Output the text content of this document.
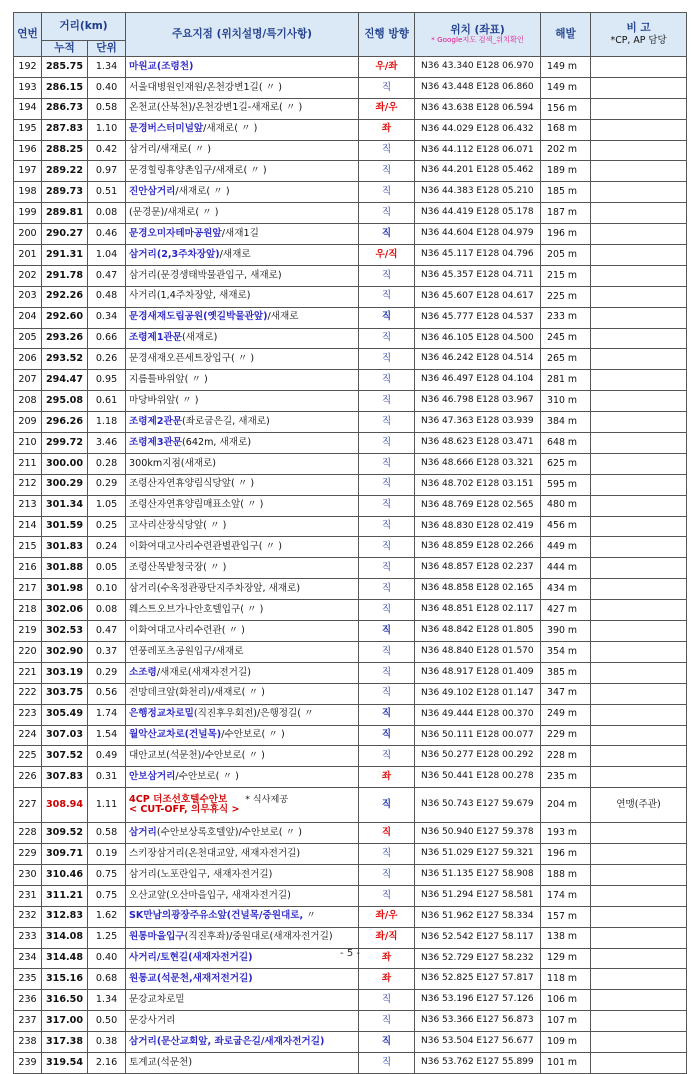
연번	거리(km)		주요지점 (위치설명/특기사항)	진행 방향	위치 (좌표)
* Google지도 검색_위치확인	해발	비 고
*CP, AP 담당
	누적	단위					
192	285.75	1.34	마원교(조령천)	우/좌	N36 43.340 E128 06.970	149 m	
193	286.15	0.40	서울대병원인재원/온천강변1길( 〃 )	직	N36 43.448 E128 06.860	149 m	
194	286.73	0.58	온천교(산북천)/온천강변1길-새재로( 〃 )	좌/우	N36 43.638 E128 06.594	156 m	
195	287.83	1.10	문경버스터미널앞/새재로( 〃 )	좌	N36 44.029 E128 06.432	168 m	
196	288.25	0.42	삼거리/새재로( 〃 )	직	N36 44.112 E128 06.071	202 m	
197	289.22	0.97	문경힐링휴양촌입구/새재로( 〃 )	직	N36 44.201 E128 05.462	189 m	
198	289.73	0.51	진안삼거리/새재로( 〃 )	직	N36 44.383 E128 05.210	185 m	
199	289.81	0.08	(문경문)/새재로( 〃 )	직	N36 44.419 E128 05.178	187 m	
200	290.27	0.46	문경오미자테마공원앞/새재1길	직	N36 44.604 E128 04.979	196 m	
201	291.31	1.04	삼거리(2,3주차장앞)/새재로	우/직	N36 45.117 E128 04.796	205 m	
202	291.78	0.47	삼거리(문경생태박물관입구, 새재로)	직	N36 45.357 E128 04.711	215 m	
203	292.26	0.48	사거리(1,4주차장앞, 새재로)	직	N36 45.607 E128 04.617	225 m	
204	292.60	0.34	문경새재도립공원(옛길박물관앞)/새재로	직	N36 45.777 E128 04.537	233 m	
205	293.26	0.66	조령제1관문(새재로)	직	N36 46.105 E128 04.500	245 m	
206	293.52	0.26	문경새재오픈세트장입구( 〃 )	직	N36 46.242 E128 04.514	265 m	
207	294.47	0.95	지름틀바위앞( 〃 )	직	N36 46.497 E128 04.104	281 m	
208	295.08	0.61	마당바위앞( 〃 )	직	N36 46.798 E128 03.967	310 m	
209	296.26	1.18	조령제2관문(좌로굽은길, 새재로)	직	N36 47.363 E128 03.939	384 m	
210	299.72	3.46	조령제3관문(642m, 새재로)	직	N36 48.623 E128 03.471	648 m	
211	300.00	0.28	300km지점(새재로)	직	N36 48.666 E128 03.321	625 m	
212	300.29	0.29	조령산자연휴양림식당앞( 〃 )	직	N36 48.702 E128 03.151	595 m	
213	301.34	1.05	조령산자연휴양림매표소앞( 〃 )	직	N36 48.769 E128 02.565	480 m	
214	301.59	0.25	고사리산장식당앞( 〃 )	직	N36 48.830 E128 02.419	456 m	
215	301.83	0.24	이화여대고사리수련관별관입구( 〃 )	직	N36 48.859 E128 02.266	449 m	
216	301.88	0.05	조령산목밭청국장( 〃 )	직	N36 48.857 E128 02.237	444 m	
217	301.98	0.10	삼거리(수옥정관광단지주차장앞, 새재로)	직	N36 48.858 E128 02.165	434 m	
218	302.06	0.08	웨스트오브가나안호텔입구( 〃 )	직	N36 48.851 E128 02.117	427 m	
219	302.53	0.47	이화여대고사리수련관( 〃 )	직	N36 48.842 E128 01.805	390 m	
220	302.90	0.37	연풍레포츠공원입구/새재로	직	N36 48.840 E128 01.570	354 m	
221	303.19	0.29	소조령/새재로(새재자전거길)	직	N36 48.917 E128 01.409	385 m	
222	303.75	0.56	전망데크앞(화천리)/새재로( 〃 )	직	N36 49.102 E128 01.147	347 m	
223	305.49	1.74	은행정교차로밑(직진후우회전)/은행정길( 〃	직	N36 49.444 E128 00.370	249 m	
224	307.03	1.54	월악산교차로(건널목)/수안보로( 〃 )	직	N36 50.111 E128 00.077	229 m	
225	307.52	0.49	대안교보(석문천)/수안보로( 〃 )	직	N36 50.277 E128 00.292	228 m	
226	307.83	0.31	안보삼거리/수안보로( 〃 )	좌	N36 50.441 E128 00.278	235 m	
227	308.94	1.11	4CP 더조선호텔수안보 * 식사제공
< CUT-OFF, 의무휴식 >	직	N36 50.743 E127 59.679	204 m	연맹(주관)
228	309.52	0.58	삼거리(수안보상록호텔앞)/수안보로( 〃 )	직	N36 50.940 E127 59.378	193 m	
229	309.71	0.19	스키장삼거리(온천대교앞, 새재자전거길)	직	N36 51.029 E127 59.321	196 m	
230	310.46	0.75	삼거리(노포란입구, 새재자전거길)	직	N36 51.135 E127 58.908	188 m	
231	311.21	0.75	오산교앞(오산마을입구, 새재자전거길)	직	N36 51.294 E127 58.581	174 m	
232	312.83	1.62	SK만남의광장주유소앞(건널목/중원대로, 〃	좌/우	N36 51.962 E127 58.334	157 m	
233	314.08	1.25	원통마을입구(직진후좌)/중원대로(새재자전거길)	좌/직	N36 52.542 E127 58.117	138 m	
234	314.48	0.40	사거리/토현길(새재자전거길)	좌	N36 52.729 E127 58.232	129 m	
235	315.16	0.68	원통교(석문천,새재저전거길)	좌	N36 52.825 E127 57.817	118 m	
236	316.50	1.34	문강교차로밑	직	N36 53.196 E127 57.126	106 m	
237	317.00	0.50	문강사거리	직	N36 53.366 E127 56.873	107 m	
238	317.38	0.38	삼거리(문산교회앞, 좌로굽은길/새재자전거길)	직	N36 53.504 E127 56.677	109 m	
239	319.54	2.16	토계교(석문천)	직	N36 53.762 E127 55.899	101 m	
- 5 -
